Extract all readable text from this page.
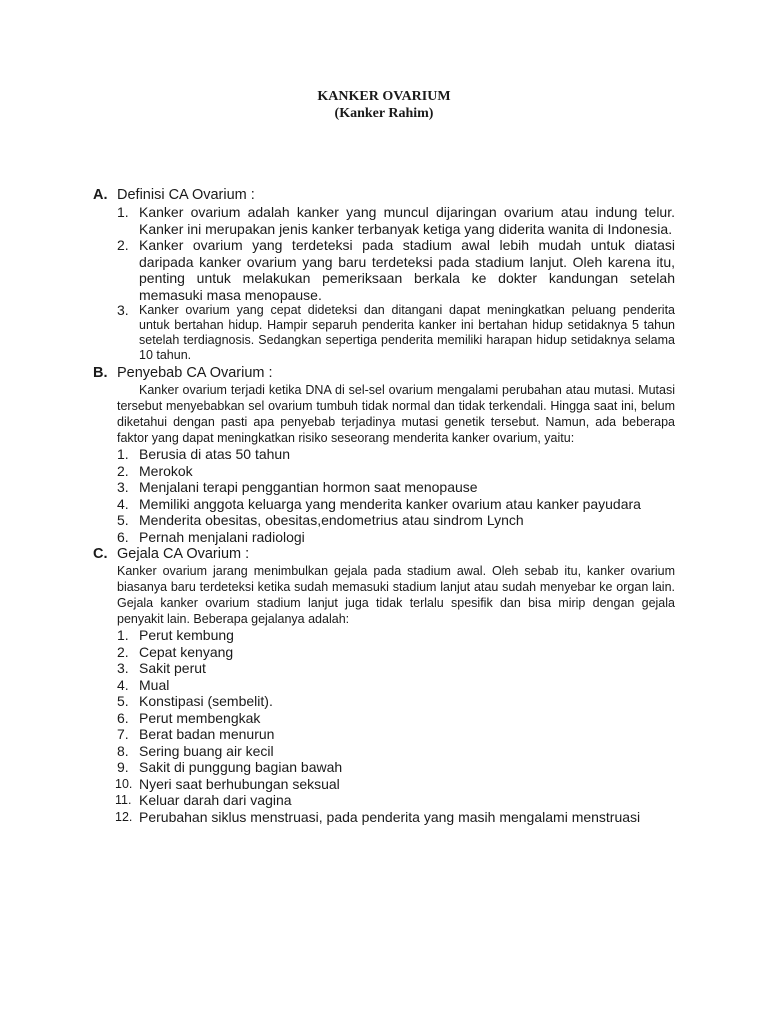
KANKER OVARIUM
(Kanker Rahim)
A. Definisi CA Ovarium :
1. Kanker ovarium adalah kanker yang muncul dijaringan ovarium atau indung telur. Kanker ini merupakan jenis kanker terbanyak ketiga yang diderita wanita di Indonesia.
2. Kanker ovarium yang terdeteksi pada stadium awal lebih mudah untuk diatasi daripada kanker ovarium yang baru terdeteksi pada stadium lanjut. Oleh karena itu, penting untuk melakukan pemeriksaan berkala ke dokter kandungan setelah memasuki masa menopause.
3. Kanker ovarium yang cepat dideteksi dan ditangani dapat meningkatkan peluang penderita untuk bertahan hidup. Hampir separuh penderita kanker ini bertahan hidup setidaknya 5 tahun setelah terdiagnosis. Sedangkan sepertiga penderita memiliki harapan hidup setidaknya selama 10 tahun.
B. Penyebab CA Ovarium :
Kanker ovarium terjadi ketika DNA di sel-sel ovarium mengalami perubahan atau mutasi. Mutasi tersebut menyebabkan sel ovarium tumbuh tidak normal dan tidak terkendali. Hingga saat ini, belum diketahui dengan pasti apa penyebab terjadinya mutasi genetik tersebut. Namun, ada beberapa faktor yang dapat meningkatkan risiko seseorang menderita kanker ovarium, yaitu:
1. Berusia di atas 50 tahun
2. Merokok
3. Menjalani terapi penggantian hormon saat menopause
4. Memiliki anggota keluarga yang menderita kanker ovarium atau kanker payudara
5. Menderita obesitas, obesitas,endometrius atau sindrom Lynch
6. Pernah menjalani radiologi
C. Gejala CA Ovarium :
Kanker ovarium jarang menimbulkan gejala pada stadium awal. Oleh sebab itu, kanker ovarium biasanya baru terdeteksi ketika sudah memasuki stadium lanjut atau sudah menyebar ke organ lain. Gejala kanker ovarium stadium lanjut juga tidak terlalu spesifik dan bisa mirip dengan gejala penyakit lain. Beberapa gejalanya adalah:
1. Perut kembung
2. Cepat kenyang
3. Sakit perut
4. Mual
5. Konstipasi (sembelit).
6. Perut membengkak
7. Berat badan menurun
8. Sering buang air kecil
9. Sakit di punggung bagian bawah
10. Nyeri saat berhubungan seksual
11. Keluar darah dari vagina
12. Perubahan siklus menstruasi, pada penderita yang masih mengalami menstruasi
